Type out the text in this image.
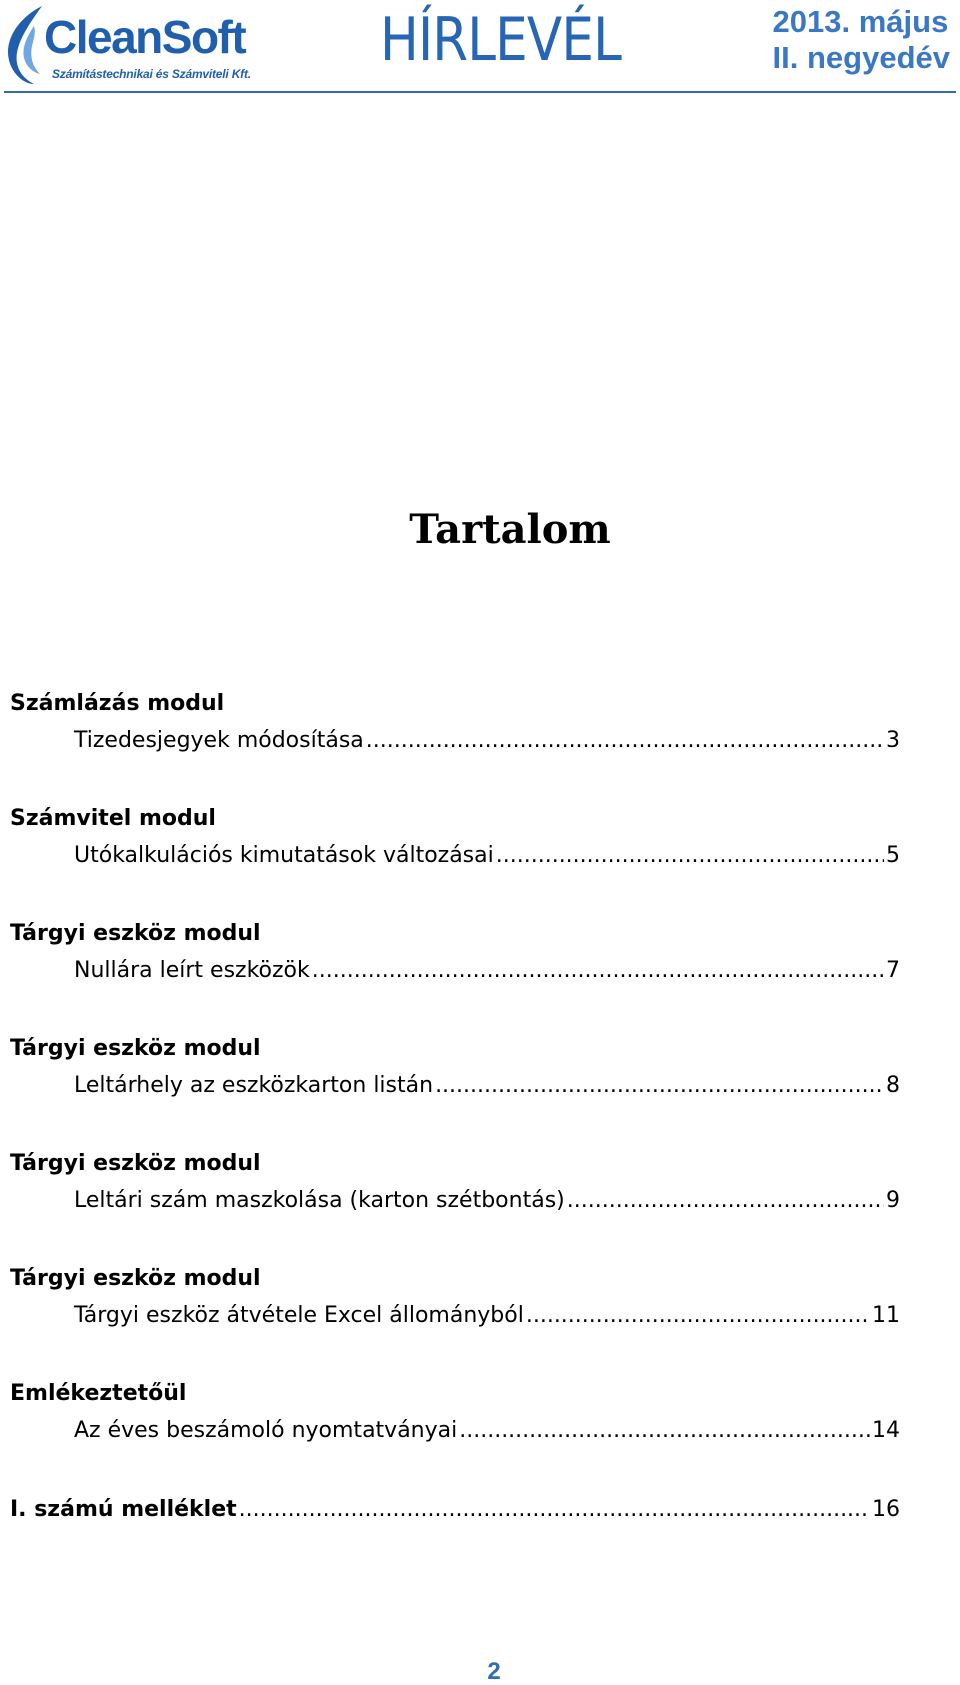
CleanSoft
Számítástechnikai és Számviteli Kft. HÍRLEVÉL	2013. május
II. negyedév
Tartalom
Számlázás modul
Tizedesjegyek módosítása .....	3
Számvitel modul
Utókalkulációs kimutatások változásai .....	5
Tárgyi eszköz modul
Nullára leírt eszközök .....	7
Tárgyi eszköz modul
Leltárhely az eszközkarton listán .....	8
Tárgyi eszköz modul
Leltári szám maszkolása (karton szétbontás) .....	9
Tárgyi eszköz modul
Tárgyi eszköz átvétele Excel állományból .....	11
Emlékeztetőül
Az éves beszámoló nyomtatványai .....	14
I. számú melléklet .....	16
2
